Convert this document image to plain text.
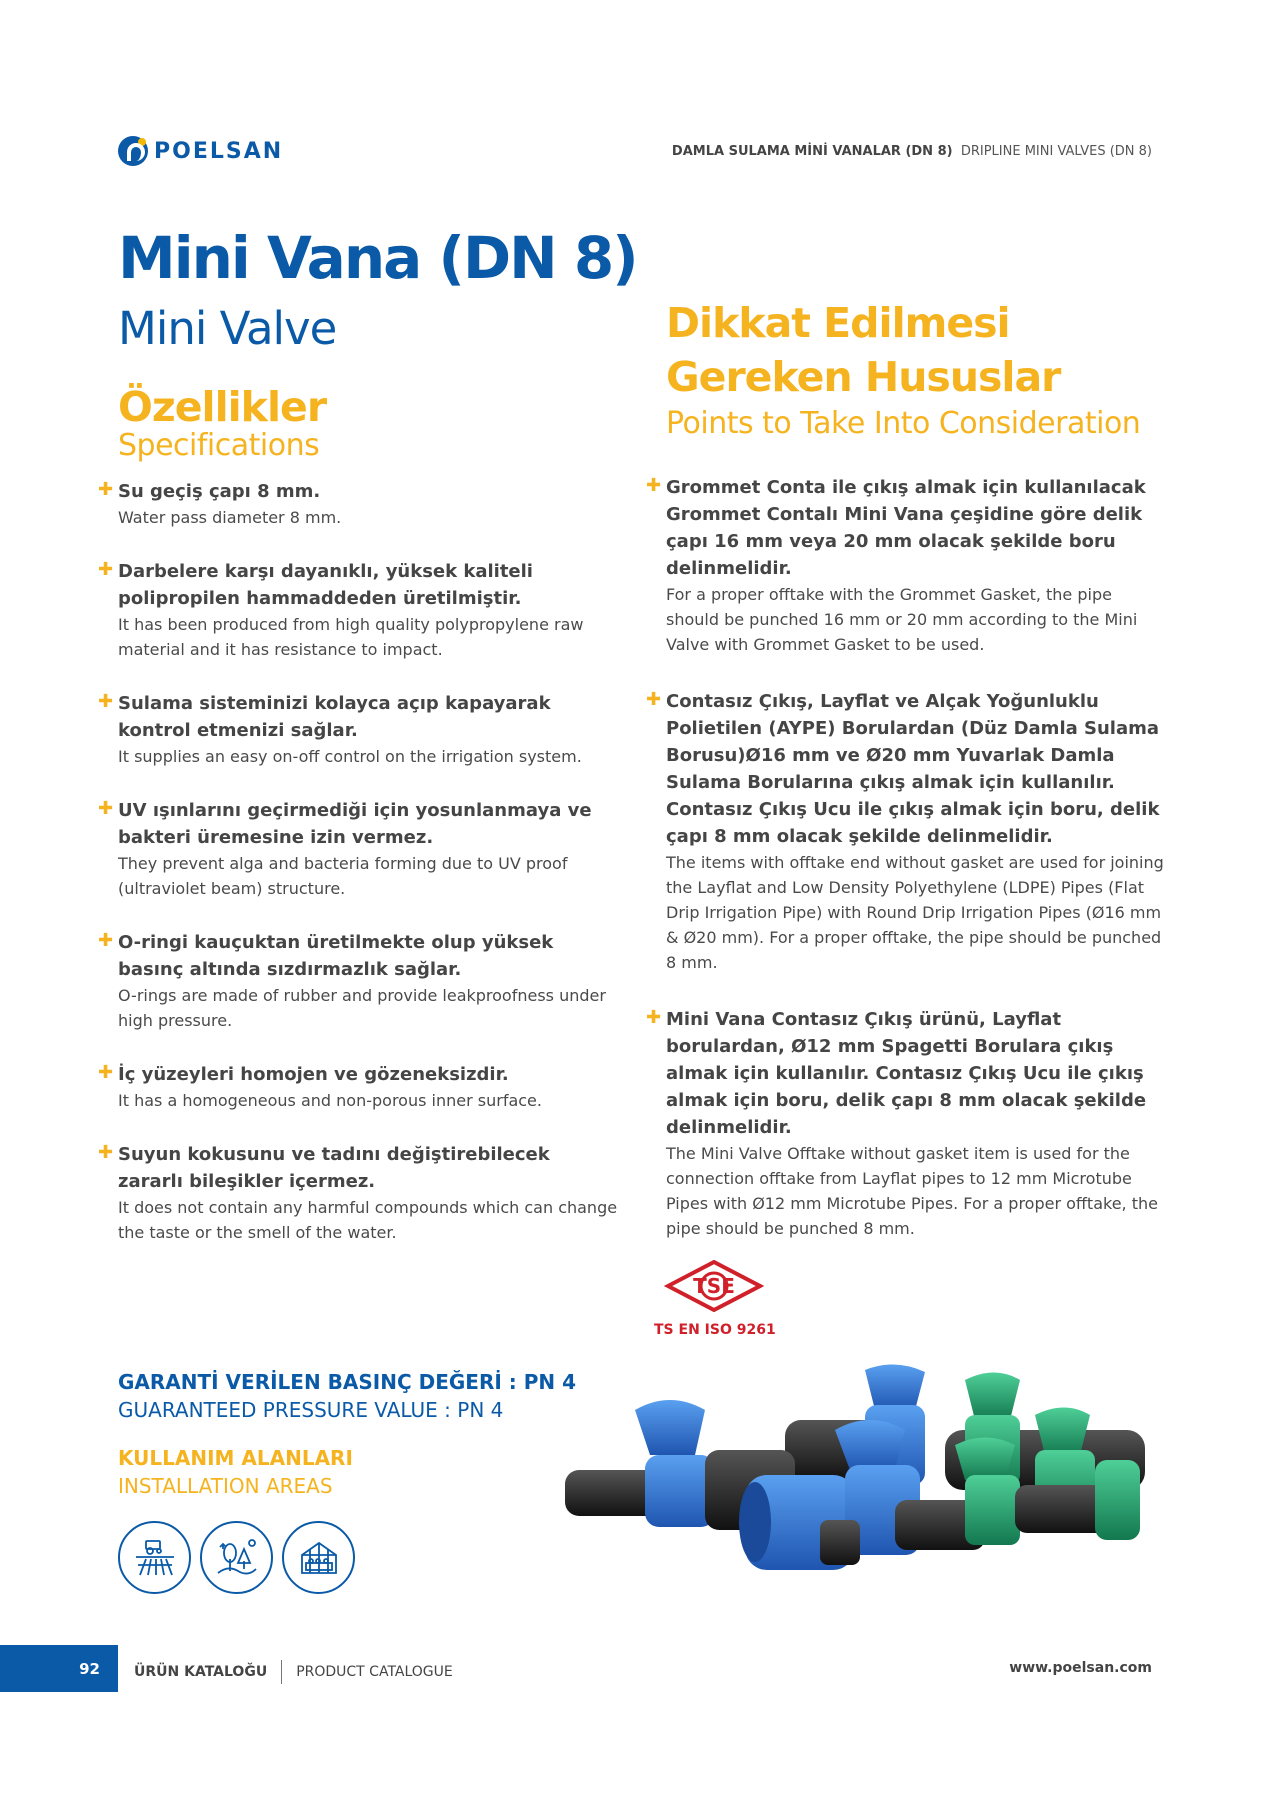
POELSAN	DAMLA SULAMA MİNİ VANALAR (DN 8) DRIPLINE MINI VALVES (DN 8)
Mini Vana (DN 8)
Mini Valve
Özellikler
Specifications
✚ Su geçiş çapı 8 mm.
Water pass diameter 8 mm.
✚ Darbelere karşı dayanıklı, yüksek kaliteli polipropilen hammaddeden üretilmiştir.
It has been produced from high quality polypropylene raw material and it has resistance to impact.
✚ Sulama sisteminizi kolayca açıp kapayarak kontrol etmenizi sağlar.
It supplies an easy on-off control on the irrigation system.
✚ UV ışınlarını geçirmediği için yosunlanmaya ve bakteri üremesine izin vermez.
They prevent alga and bacteria forming due to UV proof (ultraviolet beam) structure.
✚ O-ringi kauçuktan üretilmekte olup yüksek basınç altında sızdırmazlık sağlar.
O-rings are made of rubber and provide leakproofness under high pressure.
✚ İç yüzeyleri homojen ve gözeneksizdir.
It has a homogeneous and non-porous inner surface.
✚ Suyun kokusunu ve tadını değiştirebilecek zararlı bileşikler içermez.
It does not contain any harmful compounds which can change the taste or the smell of the water.
Dikkat Edilmesi
Gereken Hususlar
Points to Take Into Consideration
✚ Grommet Conta ile çıkış almak için kullanılacak Grommet Contalı Mini Vana çeşidine göre delik çapı 16 mm veya 20 mm olacak şekilde boru delinmelidir.
For a proper offtake with the Grommet Gasket, the pipe should be punched 16 mm or 20 mm according to the Mini Valve with Grommet Gasket to be used.
✚ Contasız Çıkış, Layflat ve Alçak Yoğunluklu Polietilen (AYPE) Borulardan (Düz Damla Sulama Borusu)Ø16 mm ve Ø20 mm Yuvarlak Damla Sulama Borularına çıkış almak için kullanılır. Contasız Çıkış Ucu ile çıkış almak için boru, delik çapı 8 mm olacak şekilde delinmelidir.
The items with offtake end without gasket are used for joining the Layflat and Low Density Polyethylene (LDPE) Pipes (Flat Drip Irrigation Pipe) with Round Drip Irrigation Pipes (Ø16 mm & Ø20 mm). For a proper offtake, the pipe should be punched 8 mm.
✚ Mini Vana Contasız Çıkış ürünü, Layflat borulardan, Ø12 mm Spagetti Borulara çıkış almak için kullanılır. Contasız Çıkış Ucu ile çıkış almak için boru, delik çapı 8 mm olacak şekilde delinmelidir.
The Mini Valve Offtake without gasket item is used for the connection offtake from Layflat pipes to 12 mm Microtube Pipes with Ø12 mm Microtube Pipes. For a proper offtake, the pipe should be punched 8 mm.
TSE
TS EN ISO 9261
GARANTİ VERİLEN BASINÇ DEĞERİ : PN 4
GUARANTEED PRESSURE VALUE : PN 4
KULLANIM ALANLARI
INSTALLATION AREAS
92	ÜRÜN KATALOĞU PRODUCT CATALOGUE	www.poelsan.com
